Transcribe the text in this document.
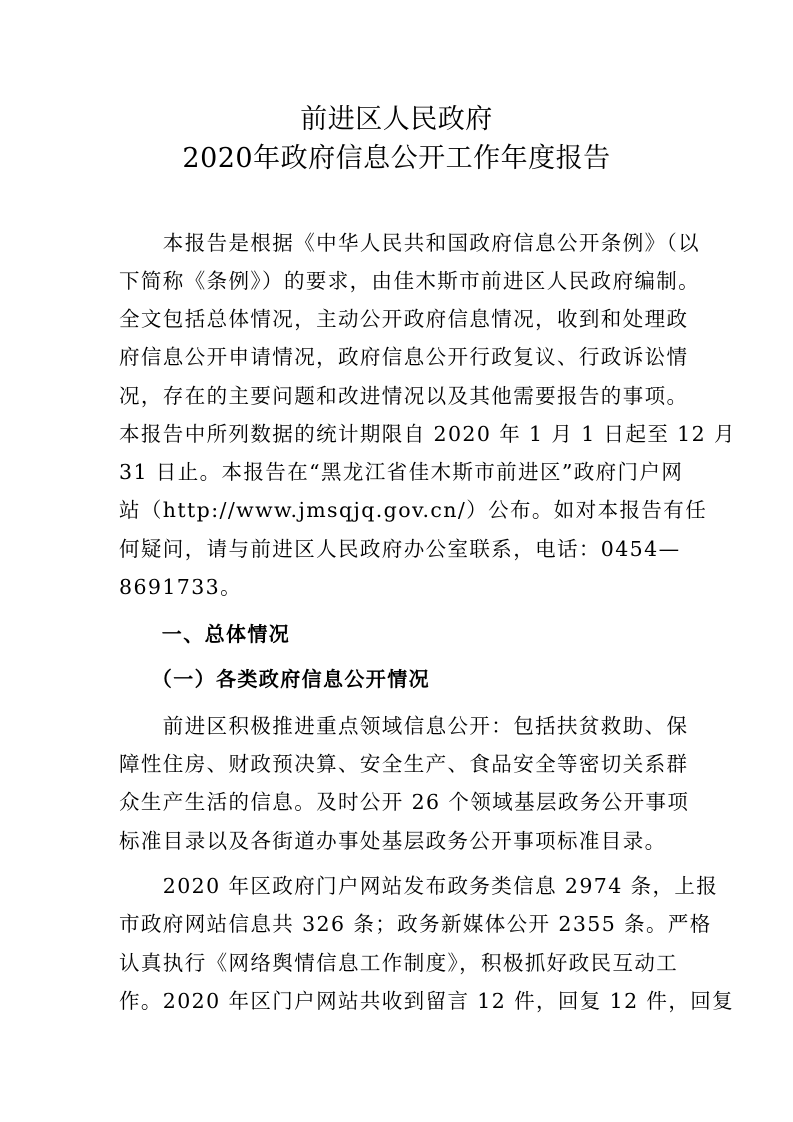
前进区人民政府
2020年政府信息公开工作年度报告
　　本报告是根据《中华人民共和国政府信息公开条例》（以
下简称《条例》）的要求，由佳木斯市前进区人民政府编制。
全文包括总体情况，主动公开政府信息情况，收到和处理政
府信息公开申请情况，政府信息公开行政复议、行政诉讼情
况，存在的主要问题和改进情况以及其他需要报告的事项。
本报告中所列数据的统计期限自 2020 年 1 月 1 日起至 12 月
31 日止。本报告在“黑龙江省佳木斯市前进区”政府门户网
站（http://www.jmsqjq.gov.cn/）公布。如对本报告有任
何疑问，请与前进区人民政府办公室联系，电话：0454—
8691733。
　　一、总体情况
　　（一）各类政府信息公开情况
　　前进区积极推进重点领域信息公开：包括扶贫救助、保
障性住房、财政预决算、安全生产、食品安全等密切关系群
众生产生活的信息。及时公开 26 个领域基层政务公开事项
标准目录以及各街道办事处基层政务公开事项标准目录。
　　2020 年区政府门户网站发布政务类信息 2974 条，上报
市政府网站信息共 326 条；政务新媒体公开 2355 条。严格
认真执行《网络舆情信息工作制度》，积极抓好政民互动工
作。2020 年区门户网站共收到留言 12 件，回复 12 件，回复
